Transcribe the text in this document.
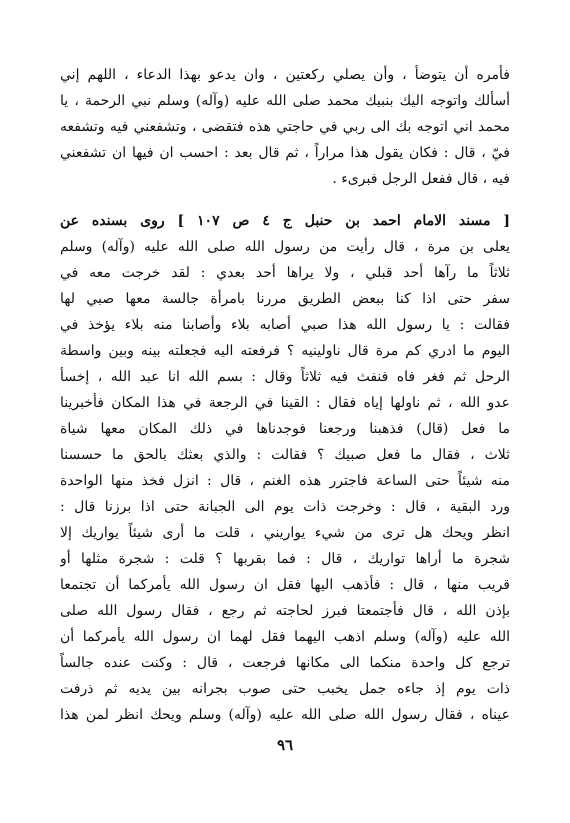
فأمره أن يتوضأ ، وأن يصلي ركعتين ، وان يدعو بهذا الدعاء ، اللهم إني
أسألك واتوجه اليك بنبيك محمد صلى الله عليه (وآله) وسلم نبي الرحمة ، يا
محمد اني اتوجه بك الى ربي في حاجتي هذه فتقضى ، وتشفعني فيه وتشفعه
فيّ ، قال : فكان يقول هذا مراراً ، ثم قال بعد : احسب ان فيها ان تشفعني
فيه ، قال ففعل الرجل فبرىء .
[ مسند الامام احمد بن حنبل ج ٤ ص ١٠٧ ] روى بسنده عن
يعلى بن مرة ، قال رأيت من رسول الله صلى الله عليه (وآله) وسلم
ثلاثاً ما رآها أحد قبلي ، ولا يراها أحد بعدي : لقد خرجت معه في
سفر حتى اذا كنا ببعض الطريق مررنا بامرأة جالسة معها صبي لها
فقالت : يا رسول الله هذا صبي أصابه بلاء وأصابنا منه بلاء يؤخذ في
اليوم ما ادري كم مرة قال ناولينيه ؟ فرفعته اليه فجعلته بينه وبين واسطة
الرحل ثم فغر فاه فنفث فيه ثلاثاً وقال : بسم الله انا عبد الله ، إخسأ
عدو الله ، ثم ناولها إياه فقال : القينا في الرجعة في هذا المكان فأخبرينا
ما فعل (قال) فذهبنا ورجعنا فوجدناها في ذلك المكان معها شياة
ثلاث ، فقال ما فعل صبيك ؟ فقالت : والذي بعثك بالحق ما حسسنا
منه شيئاً حتى الساعة فاجترر هذه الغنم ، قال : انزل فخذ منها الواحدة
ورد البقية ، قال : وخرجت ذات يوم الى الجبانة حتى اذا برزنا قال :
انظر ويحك هل ترى من شيء يواريني ، قلت ما أرى شيئاً يواريك إلا
شجرة ما أراها تواريك ، قال : فما بقربها ؟ قلت : شجرة مثلها أو
قريب منها ، قال : فأذهب اليها فقل ان رسول الله يأمركما أن تجتمعا
بإذن الله ، قال فأجتمعتا فبرز لحاجته ثم رجع ، فقال رسول الله صلى
الله عليه (وآله) وسلم اذهب اليهما فقل لهما ان رسول الله يأمركما أن
ترجع كل واحدة منكما الى مكانها فرجعت ، قال : وكنت عنده جالساً
ذات يوم إذ جاءه جمل يخبب حتى صوب بجرانه بين يديه ثم ذرفت
عيناه ، فقال رسول الله صلى الله عليه (وآله) وسلم ويحك انظر لمن هذا
٩٦
